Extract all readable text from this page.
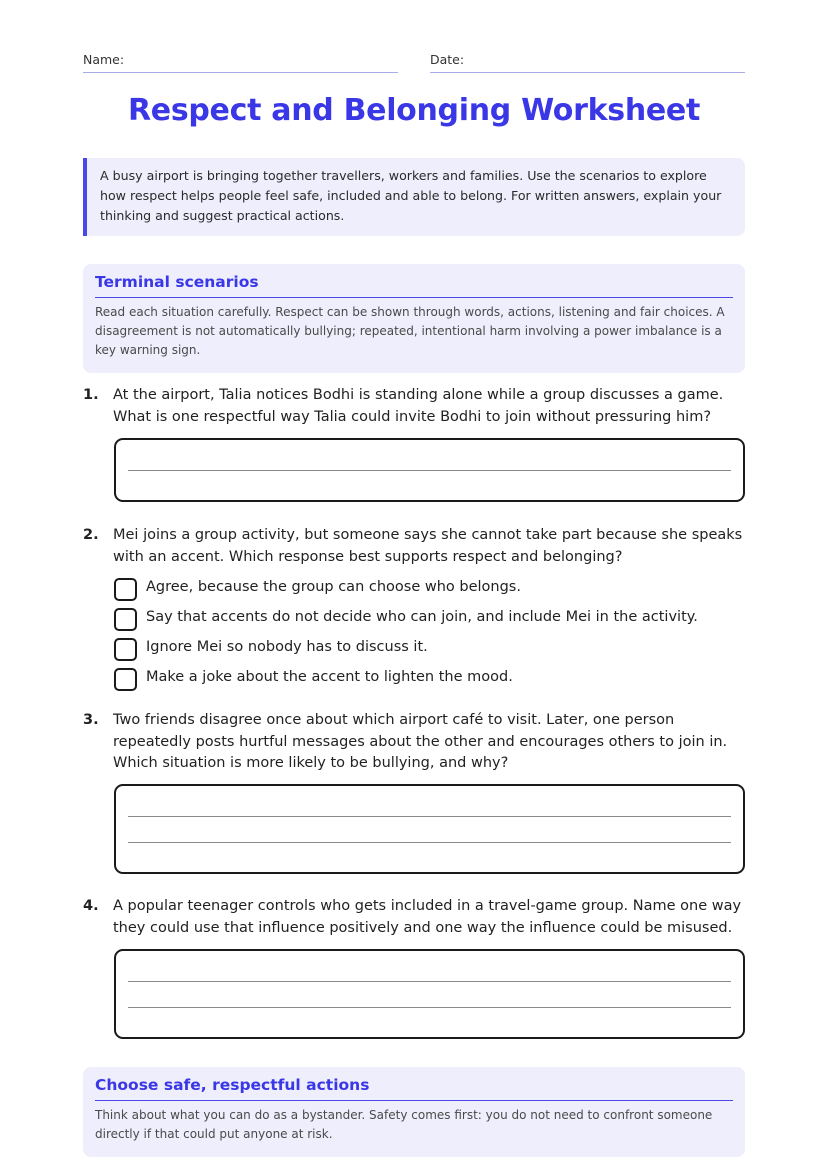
Name:	Date:
Respect and Belonging Worksheet
A busy airport is bringing together travellers, workers and families. Use the scenarios to explore how respect helps people feel safe, included and able to belong. For written answers, explain your thinking and suggest practical actions.
Terminal scenarios

Read each situation carefully. Respect can be shown through words, actions, listening and fair choices. A disagreement is not automatically bullying; repeated, intentional harm involving a power imbalance is a key warning sign.

1. At the airport, Talia notices Bodhi is standing alone while a group discusses a game. What is one respectful way Talia could invite Bodhi to join without pressuring him?
2. Mei joins a group activity, but someone says she cannot take part because she speaks with an accent. Which response best supports respect and belonging?
Agree, because the group can choose who belongs.
Say that accents do not decide who can join, and include Mei in the activity.
Ignore Mei so nobody has to discuss it.
Make a joke about the accent to lighten the mood.
3. Two friends disagree once about which airport café to visit. Later, one person repeatedly posts hurtful messages about the other and encourages others to join in. Which situation is more likely to be bullying, and why?
4. A popular teenager controls who gets included in a travel-game group. Name one way they could use that influence positively and one way the influence could be misused.
Choose safe, respectful actions

Think about what you can do as a bystander. Safety comes first: you do not need to confront someone directly if that could put anyone at risk.
